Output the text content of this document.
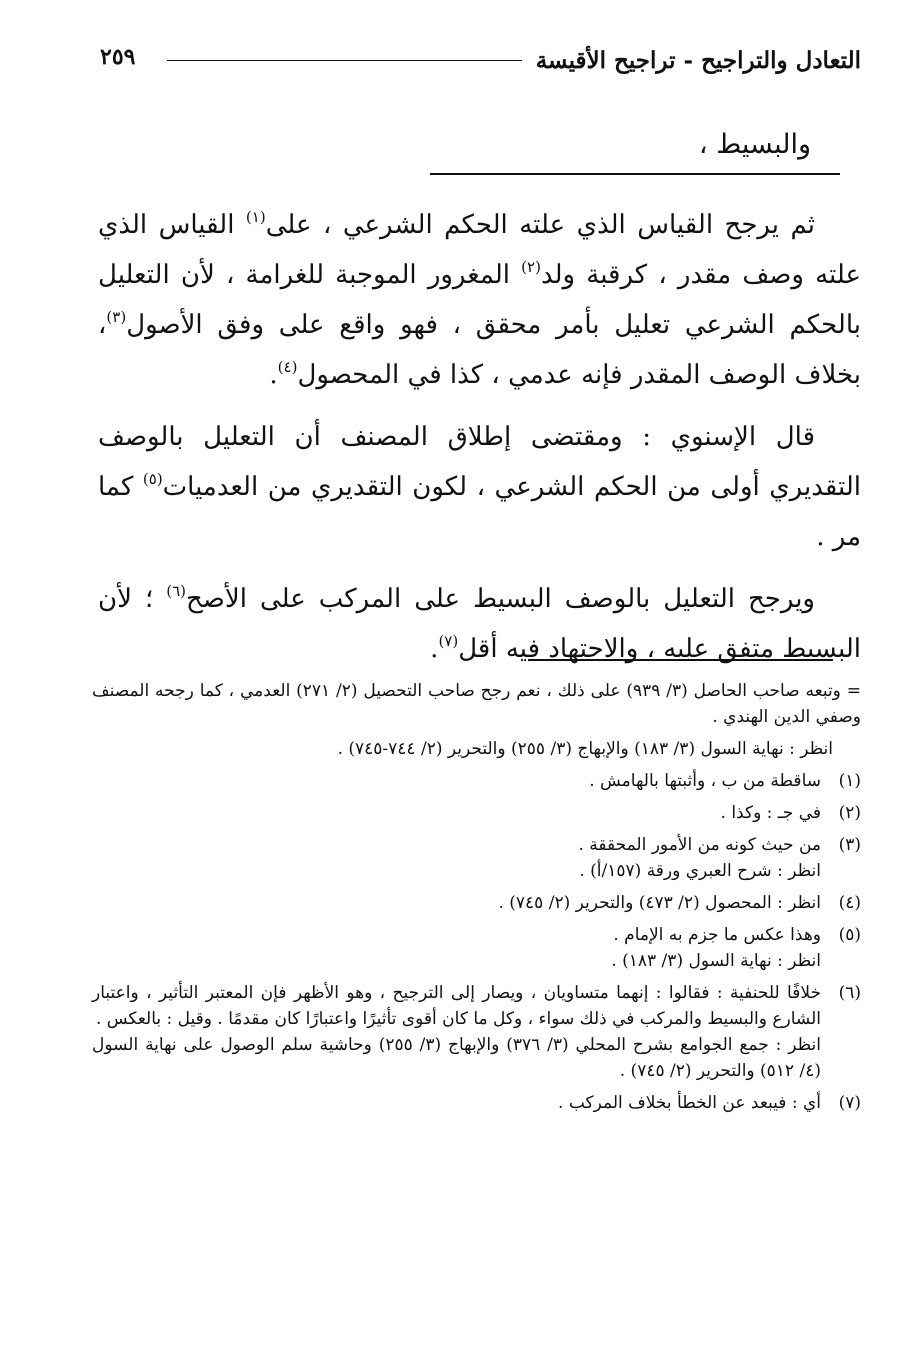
التعادل والتراجيح - تراجيح الأقيسة
٢٥٩
والبسيط ،

ثم يرجح القياس الذي علته الحكم الشرعي ، على$^{(١)}$ القياس الذي علته وصف مقدر ، كرقبة ولد$^{(٢)}$ المغرور الموجبة للغرامة ، لأن التعليل بالحكم الشرعي تعليل بأمر محقق ، فهو واقع على وفق الأصول$^{(٣)}$، بخلاف الوصف المقدر فإنه عدمي ، كذا في المحصول$^{(٤)}$.

قال الإسنوي : ومقتضى إطلاق المصنف أن التعليل بالوصف التقديري أولى من الحكم الشرعي ، لكون التقديري من العدميات$^{(٥)}$ كما مر .

ويرجح التعليل بالوصف البسيط على المركب على الأصح$^{(٦)}$ ؛ لأن البسيط متفق عليه ، والاجتهاد فيه أقل$^{(٧)}$.

= وتبعه صاحب الحاصل (٣/ ٩٣٩) على ذلك ، نعم رجح صاحب التحصيل (٢/ ٢٧١) العدمي ، كما رجحه المصنف وصفي الدين الهندي .

انظر : نهاية السول (٣/ ١٨٣) والإبهاج (٣/ ٢٥٥) والتحرير (٢/ ٧٤٤-٧٤٥) .

(١)
ساقطة من ب ، وأثبتها بالهامش .
(٢)
في جـ : وكذا .
(٣)
من حيث كونه من الأمور المحققة .
انظر : شرح العبري ورقة (١٥٧/أ) .
(٤)
انظر : المحصول (٢/ ٤٧٣) والتحرير (٢/ ٧٤٥) .
(٥)
وهذا عكس ما جزم به الإمام .
انظر : نهاية السول (٣/ ١٨٣) .
(٦)
خلافًا للحنفية : فقالوا : إنهما متساويان ، ويصار إلى الترجيح ، وهو الأظهر فإن المعتبر التأثير ، واعتبار الشارع والبسيط والمركب في ذلك سواء ، وكل ما كان أقوى تأثيرًا واعتبارًا كان مقدمًا . وقيل : بالعكس .
انظر : جمع الجوامع بشرح المحلي (٣/ ٣٧٦) والإبهاج (٣/ ٢٥٥) وحاشية سلم الوصول على نهاية السول (٤/ ٥١٢) والتحرير (٢/ ٧٤٥) .
(٧)
أي : فيبعد عن الخطأ بخلاف المركب .
